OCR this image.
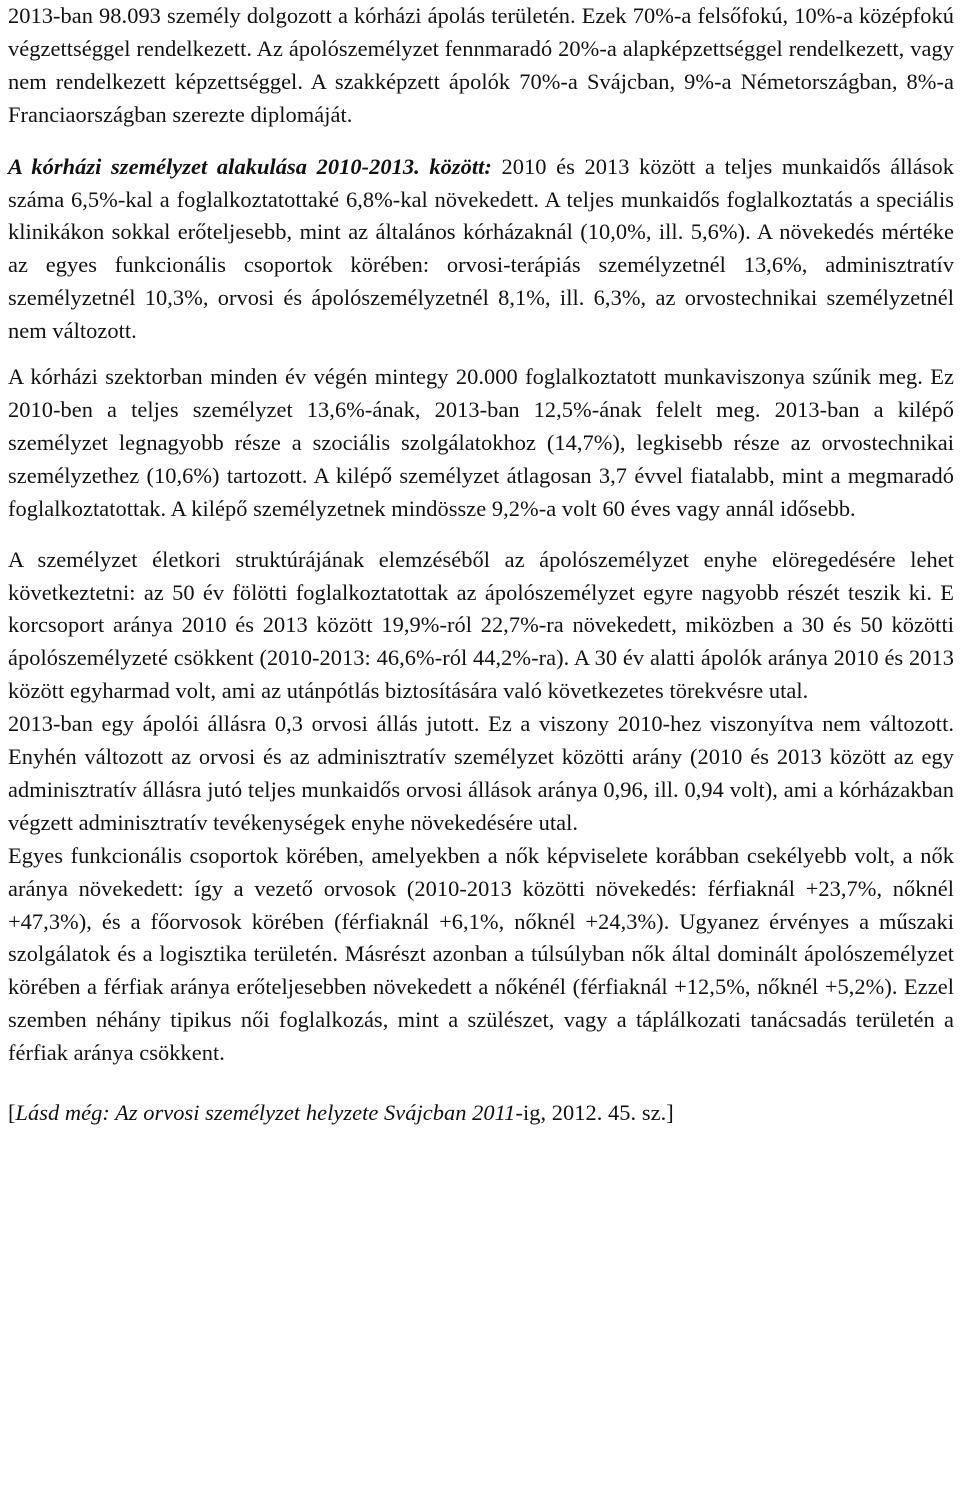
2013-ban 98.093 személy dolgozott a kórházi ápolás területén. Ezek 70%-a felsőfokú, 10%-a középfokú végzettséggel rendelkezett. Az ápolószemélyzet fennmaradó 20%-a alapképzettséggel rendelkezett, vagy nem rendelkezett képzettséggel. A szakképzett ápolók 70%-a Svájcban, 9%-a Németországban, 8%-a Franciaországban szerezte diplomáját.

A kórházi személyzet alakulása 2010-2013. között: 2010 és 2013 között a teljes munkaidős állások száma 6,5%-kal a foglalkoztatottaké 6,8%-kal növekedett. A teljes munkaidős foglalkoztatás a speciális klinikákon sokkal erőteljesebb, mint az általános kórházaknál (10,0%, ill. 5,6%). A növekedés mértéke az egyes funkcionális csoportok körében: orvosi-terápiás személyzetnél 13,6%, adminisztratív személyzetnél 10,3%, orvosi és ápolószemélyzetnél 8,1%, ill. 6,3%, az orvostechnikai személyzetnél nem változott.

A kórházi szektorban minden év végén mintegy 20.000 foglalkoztatott munkaviszonya szűnik meg. Ez 2010-ben a teljes személyzet 13,6%-ának, 2013-ban 12,5%-ának felelt meg. 2013-ban a kilépő személyzet legnagyobb része a szociális szolgálatokhoz (14,7%), legkisebb része az orvostechnikai személyzethez (10,6%) tartozott. A kilépő személyzet átlagosan 3,7 évvel fiatalabb, mint a megmaradó foglalkoztatottak. A kilépő személyzetnek mindössze 9,2%-a volt 60 éves vagy annál idősebb.

A személyzet életkori struktúrájának elemzéséből az ápolószemélyzet enyhe elöregedésére lehet következtetni: az 50 év fölötti foglalkoztatottak az ápolószemélyzet egyre nagyobb részét teszik ki. E korcsoport aránya 2010 és 2013 között 19,9%-ról 22,7%-ra növekedett, miközben a 30 és 50 közötti ápolószemélyzeté csökkent (2010-2013: 46,6%-ról 44,2%-ra). A 30 év alatti ápolók aránya 2010 és 2013 között egyharmad volt, ami az utánpótlás biztosítására való következetes törekvésre utal.

2013-ban egy ápolói állásra 0,3 orvosi állás jutott. Ez a viszony 2010-hez viszonyítva nem változott. Enyhén változott az orvosi és az adminisztratív személyzet közötti arány (2010 és 2013 között az egy adminisztratív állásra jutó teljes munkaidős orvosi állások aránya 0,96, ill. 0,94 volt), ami a kórházakban végzett adminisztratív tevékenységek enyhe növekedésére utal.

Egyes funkcionális csoportok körében, amelyekben a nők képviselete korábban csekélyebb volt, a nők aránya növekedett: így a vezető orvosok (2010-2013 közötti növekedés: férfiaknál +23,7%, nőknél +47,3%), és a főorvosok körében (férfiaknál +6,1%, nőknél +24,3%). Ugyanez érvényes a műszaki szolgálatok és a logisztika területén. Másrészt azonban a túlsúlyban nők által dominált ápolószemélyzet körében a férfiak aránya erőteljesebben növekedett a nőkénél (férfiaknál +12,5%, nőknél +5,2%). Ezzel szemben néhány tipikus női foglalkozás, mint a szülészet, vagy a táplálkozati tanácsadás területén a férfiak aránya csökkent.

[Lásd még: Az orvosi személyzet helyzete Svájcban 2011-ig, 2012. 45. sz.]
